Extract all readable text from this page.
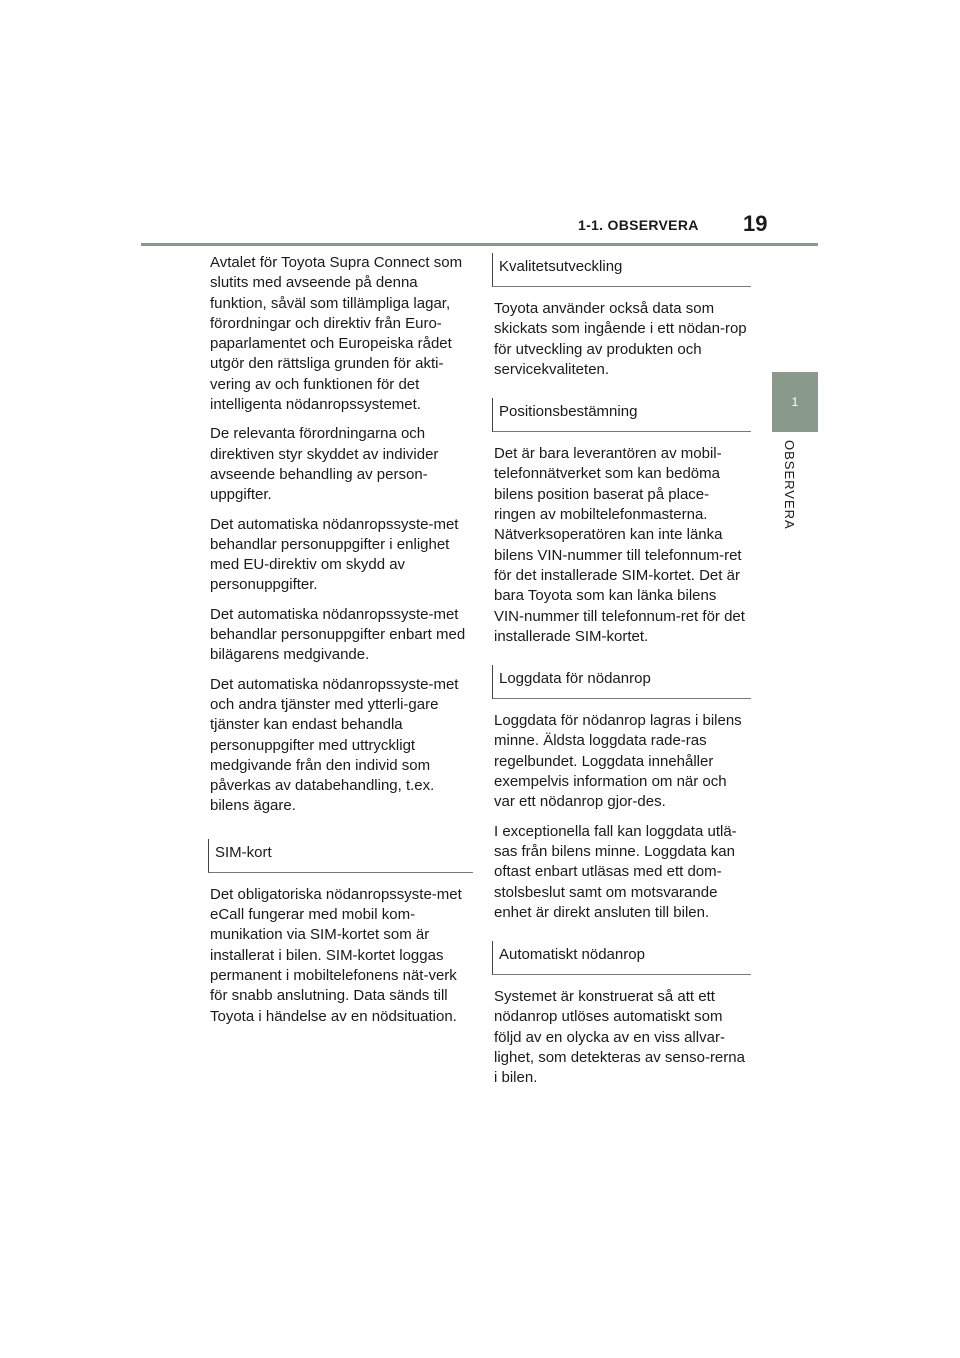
1-1. OBSERVERA 19
1
OBSERVERA

Avtalet för Toyota Supra Connect som slutits med avseende på denna funktion, såväl som tillämpliga lagar, förordningar och direktiv från Euro-paparlamentet och Europeiska rådet utgör den rättsliga grunden för akti-vering av och funktionen för det intelligenta nödanropssystemet.

De relevanta förordningarna och direktiven styr skyddet av individer avseende behandling av person-uppgifter.

Det automatiska nödanropssyste-met behandlar personuppgifter i enlighet med EU-direktiv om skydd av personuppgifter.

Det automatiska nödanropssyste-met behandlar personuppgifter enbart med bilägarens medgivande.

Det automatiska nödanropssyste-met och andra tjänster med ytterli-gare tjänster kan endast behandla personuppgifter med uttryckligt medgivande från den individ som påverkas av databehandling, t.ex. bilens ägare.

SIM-kort

Det obligatoriska nödanropssyste-met eCall fungerar med mobil kom-munikation via SIM-kortet som är installerat i bilen. SIM-kortet loggas permanent i mobiltelefonens nät-verk för snabb anslutning. Data sänds till Toyota i händelse av en nödsituation.

Kvalitetsutveckling

Toyota använder också data som skickats som ingående i ett nödan-rop för utveckling av produkten och servicekvaliteten.

Positionsbestämning

Det är bara leverantören av mobil-telefonnätverket som kan bedöma bilens position baserat på place-ringen av mobiltelefonmasterna. Nätverksoperatören kan inte länka bilens VIN-nummer till telefonnum-ret för det installerade SIM-kortet. Det är bara Toyota som kan länka bilens VIN-nummer till telefonnum-ret för det installerade SIM-kortet.

Loggdata för nödanrop

Loggdata för nödanrop lagras i bilens minne. Äldsta loggdata rade-ras regelbundet. Loggdata innehåller exempelvis information om när och var ett nödanrop gjor-des.

I exceptionella fall kan loggdata utlä-sas från bilens minne. Loggdata kan oftast enbart utläsas med ett dom-stolsbeslut samt om motsvarande enhet är direkt ansluten till bilen.

Automatiskt nödanrop

Systemet är konstruerat så att ett nödanrop utlöses automatiskt som följd av en olycka av en viss allvar-lighet, som detekteras av senso-rerna i bilen.
